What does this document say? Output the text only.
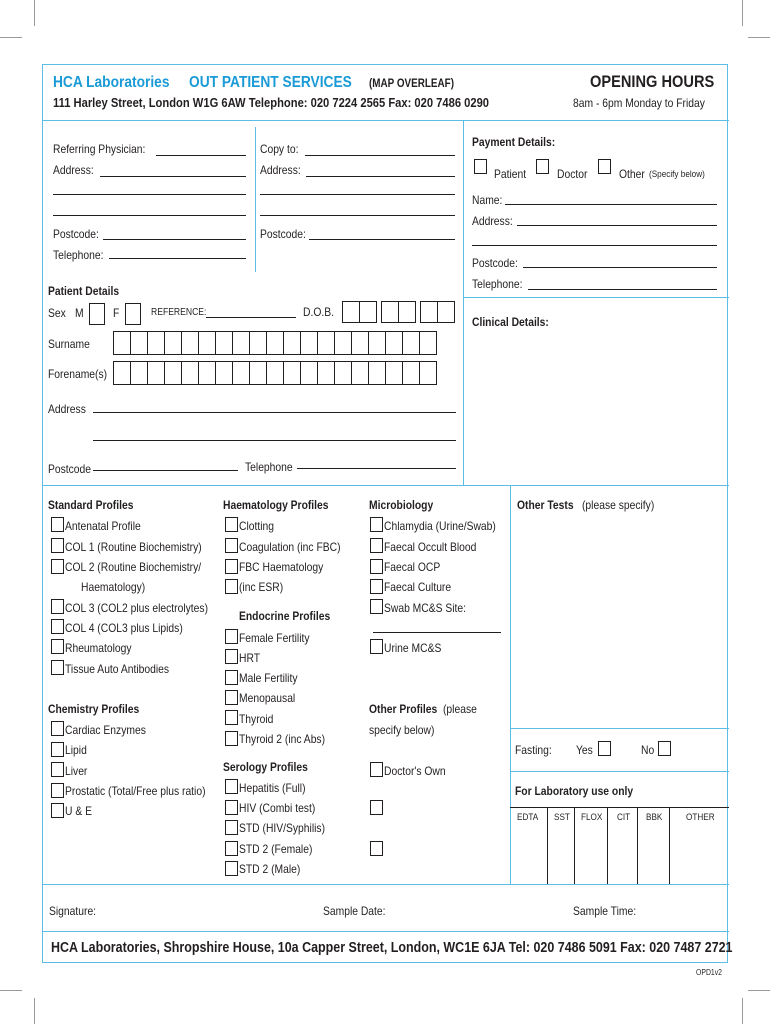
HCA Laboratories OUT PATIENT SERVICES (MAP OVERLEAF)
111 Harley Street, London W1G 6AW Telephone: 020 7224 2565 Fax: 020 7486 0290
OPENING HOURS
8am - 6pm Monday to Friday
Referring Physician:
Address:
Postcode:
Telephone:
Copy to:
Address:
Postcode:
Payment Details:
Patient	Doctor	Other (Specify below)
Name:
Address:
Postcode:
Telephone:
Clinical Details:
Patient Details
Sex M F	REFERENCE:	D.O.B.
Surname
Forename(s)
Address
Postcode	Telephone
Standard Profiles
Antenatal Profile
COL 1 (Routine Biochemistry)
COL 2 (Routine Biochemistry/
Haematology)
COL 3 (COL2 plus electrolytes)
COL 4 (COL3 plus Lipids)
Rheumatology
Tissue Auto Antibodies
Chemistry Profiles
Cardiac Enzymes
Lipid
Liver
Prostatic (Total/Free plus ratio)
U & E
Haematology Profiles
Clotting
Coagulation (inc FBC)
FBC Haematology
(inc ESR)
Endocrine Profiles
Female Fertility
HRT
Male Fertility
Menopausal
Thyroid
Thyroid 2 (inc Abs)
Serology Profiles
Hepatitis (Full)
HIV (Combi test)
STD (HIV/Syphilis)
STD 2 (Female)
STD 2 (Male)
Microbiology
Chlamydia (Urine/Swab)
Faecal Occult Blood
Faecal OCP
Faecal Culture
Swab MC&S Site:
Urine MC&S
Other Profiles (please
specify below)
Doctor's Own
Other Tests (please specify)
Fasting: Yes	No
For Laboratory use only
EDTA SST FLOX CIT BBK OTHER
Signature:	Sample Date:	Sample Time:
HCA Laboratories, Shropshire House, 10a Capper Street, London, WC1E 6JA Tel: 020 7486 5091 Fax: 020 7487 2721
OPD1v2
